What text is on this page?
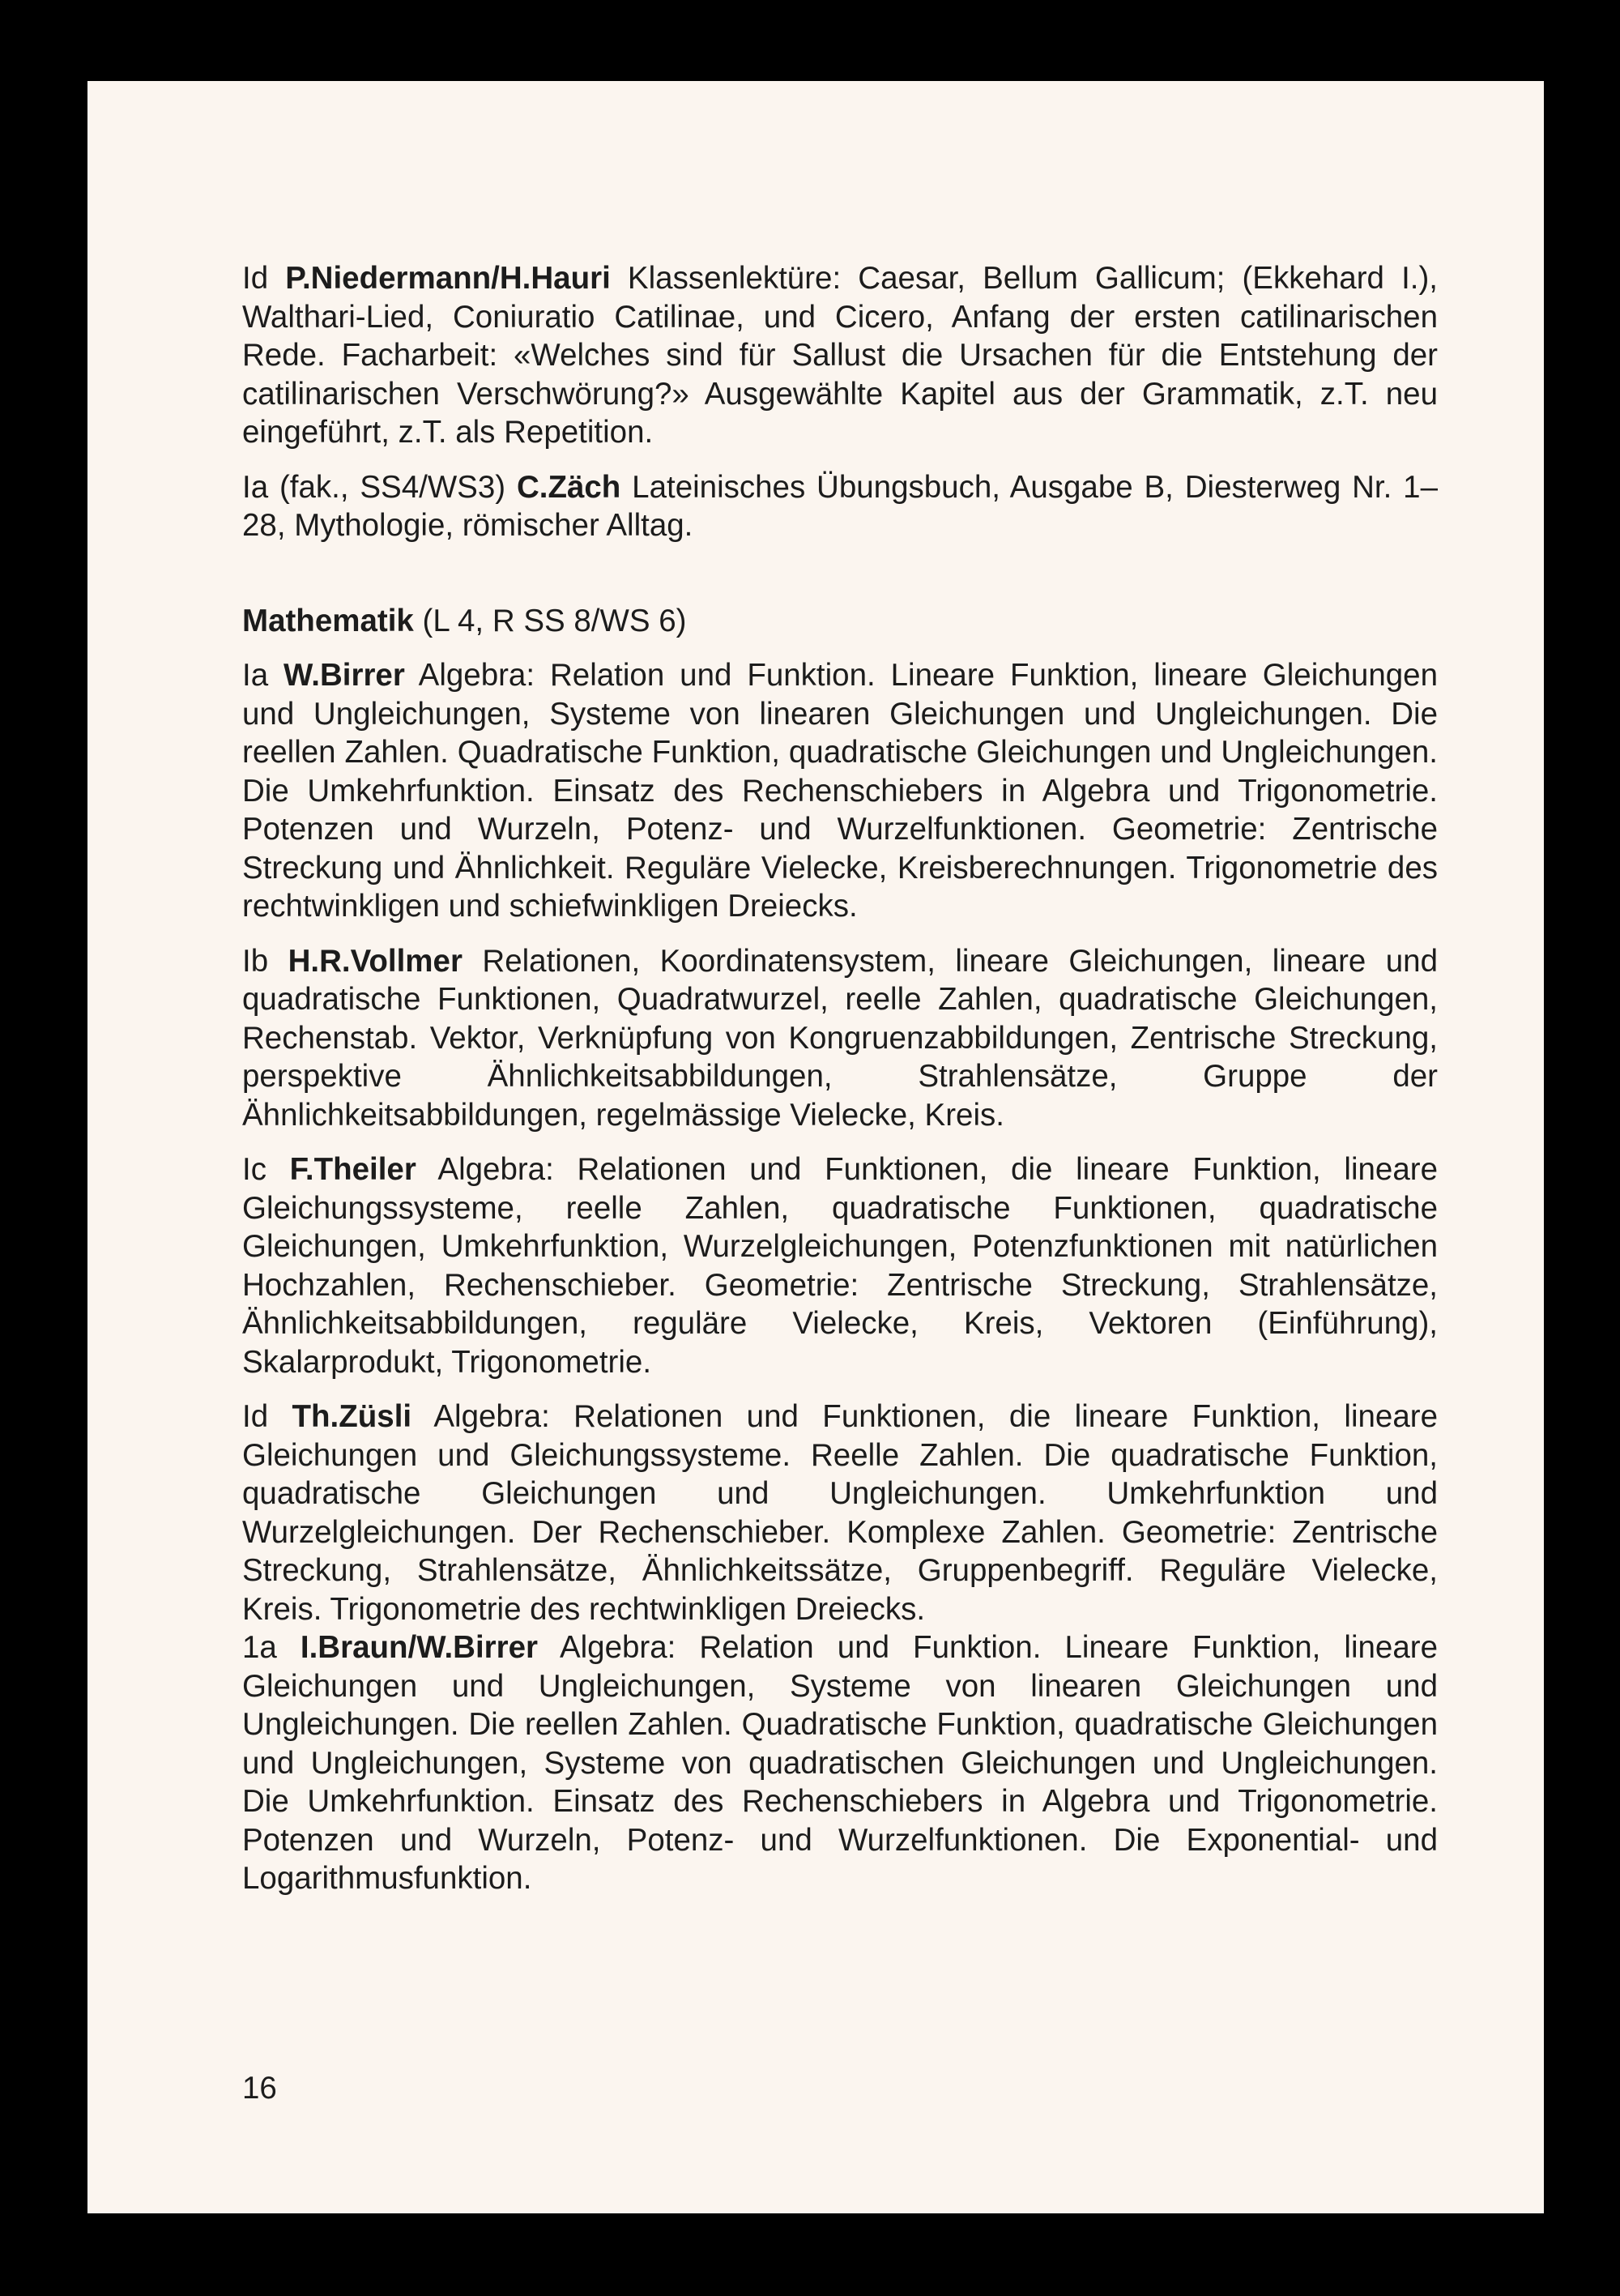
Id P.Niedermann/H.Hauri Klassenlektüre: Caesar, Bellum Gallicum; (Ekkehard I.), Walthari-Lied, Coniuratio Catilinae, und Cicero, Anfang der ersten catilinarischen Rede. Facharbeit: «Welches sind für Sallust die Ursachen für die Entstehung der catilinarischen Verschwörung?» Ausgewählte Kapitel aus der Grammatik, z.T. neu eingeführt, z.T. als Repetition.

Ia (fak., SS4/WS3) C.Zäch Lateinisches Übungsbuch, Ausgabe B, Diesterweg Nr. 1–28, Mythologie, römischer Alltag.

Mathematik (L 4, R SS 8/WS 6)

Ia W.Birrer Algebra: Relation und Funktion. Lineare Funktion, lineare Gleichungen und Ungleichungen, Systeme von linearen Gleichungen und Ungleichungen. Die reellen Zahlen. Quadratische Funktion, quadratische Gleichungen und Ungleichungen. Die Umkehrfunktion. Einsatz des Rechenschiebers in Algebra und Trigonometrie. Potenzen und Wurzeln, Potenz- und Wurzelfunktionen. Geometrie: Zentrische Streckung und Ähnlichkeit. Reguläre Vielecke, Kreisberechnungen. Trigonometrie des rechtwinkligen und schiefwinkligen Dreiecks.

Ib H.R.Vollmer Relationen, Koordinatensystem, lineare Gleichungen, lineare und quadratische Funktionen, Quadratwurzel, reelle Zahlen, quadratische Gleichungen, Rechenstab. Vektor, Verknüpfung von Kongruenzabbildungen, Zentrische Streckung, perspektive Ähnlichkeitsabbildungen, Strahlensätze, Gruppe der Ähnlichkeitsabbildungen, regelmässige Vielecke, Kreis.

Ic F.Theiler Algebra: Relationen und Funktionen, die lineare Funktion, lineare Gleichungssysteme, reelle Zahlen, quadratische Funktionen, quadratische Gleichungen, Umkehrfunktion, Wurzelgleichungen, Potenzfunktionen mit natürlichen Hochzahlen, Rechenschieber. Geometrie: Zentrische Streckung, Strahlensätze, Ähnlichkeitsabbildungen, reguläre Vielecke, Kreis, Vektoren (Einführung), Skalarprodukt, Trigonometrie.

Id Th.Züsli Algebra: Relationen und Funktionen, die lineare Funktion, lineare Gleichungen und Gleichungssysteme. Reelle Zahlen. Die quadratische Funktion, quadratische Gleichungen und Ungleichungen. Umkehrfunktion und Wurzelgleichungen. Der Rechenschieber. Komplexe Zahlen. Geometrie: Zentrische Streckung, Strahlensätze, Ähnlichkeitssätze, Gruppenbegriff. Reguläre Vielecke, Kreis. Trigonometrie des rechtwinkligen Dreiecks.

1a I.Braun/W.Birrer Algebra: Relation und Funktion. Lineare Funktion, lineare Gleichungen und Ungleichungen, Systeme von linearen Gleichungen und Ungleichungen. Die reellen Zahlen. Quadratische Funktion, quadratische Gleichungen und Ungleichungen, Systeme von quadratischen Gleichungen und Ungleichungen. Die Umkehrfunktion. Einsatz des Rechenschiebers in Algebra und Trigonometrie. Potenzen und Wurzeln, Potenz- und Wurzelfunktionen. Die Exponential- und Logarithmusfunktion.

16
